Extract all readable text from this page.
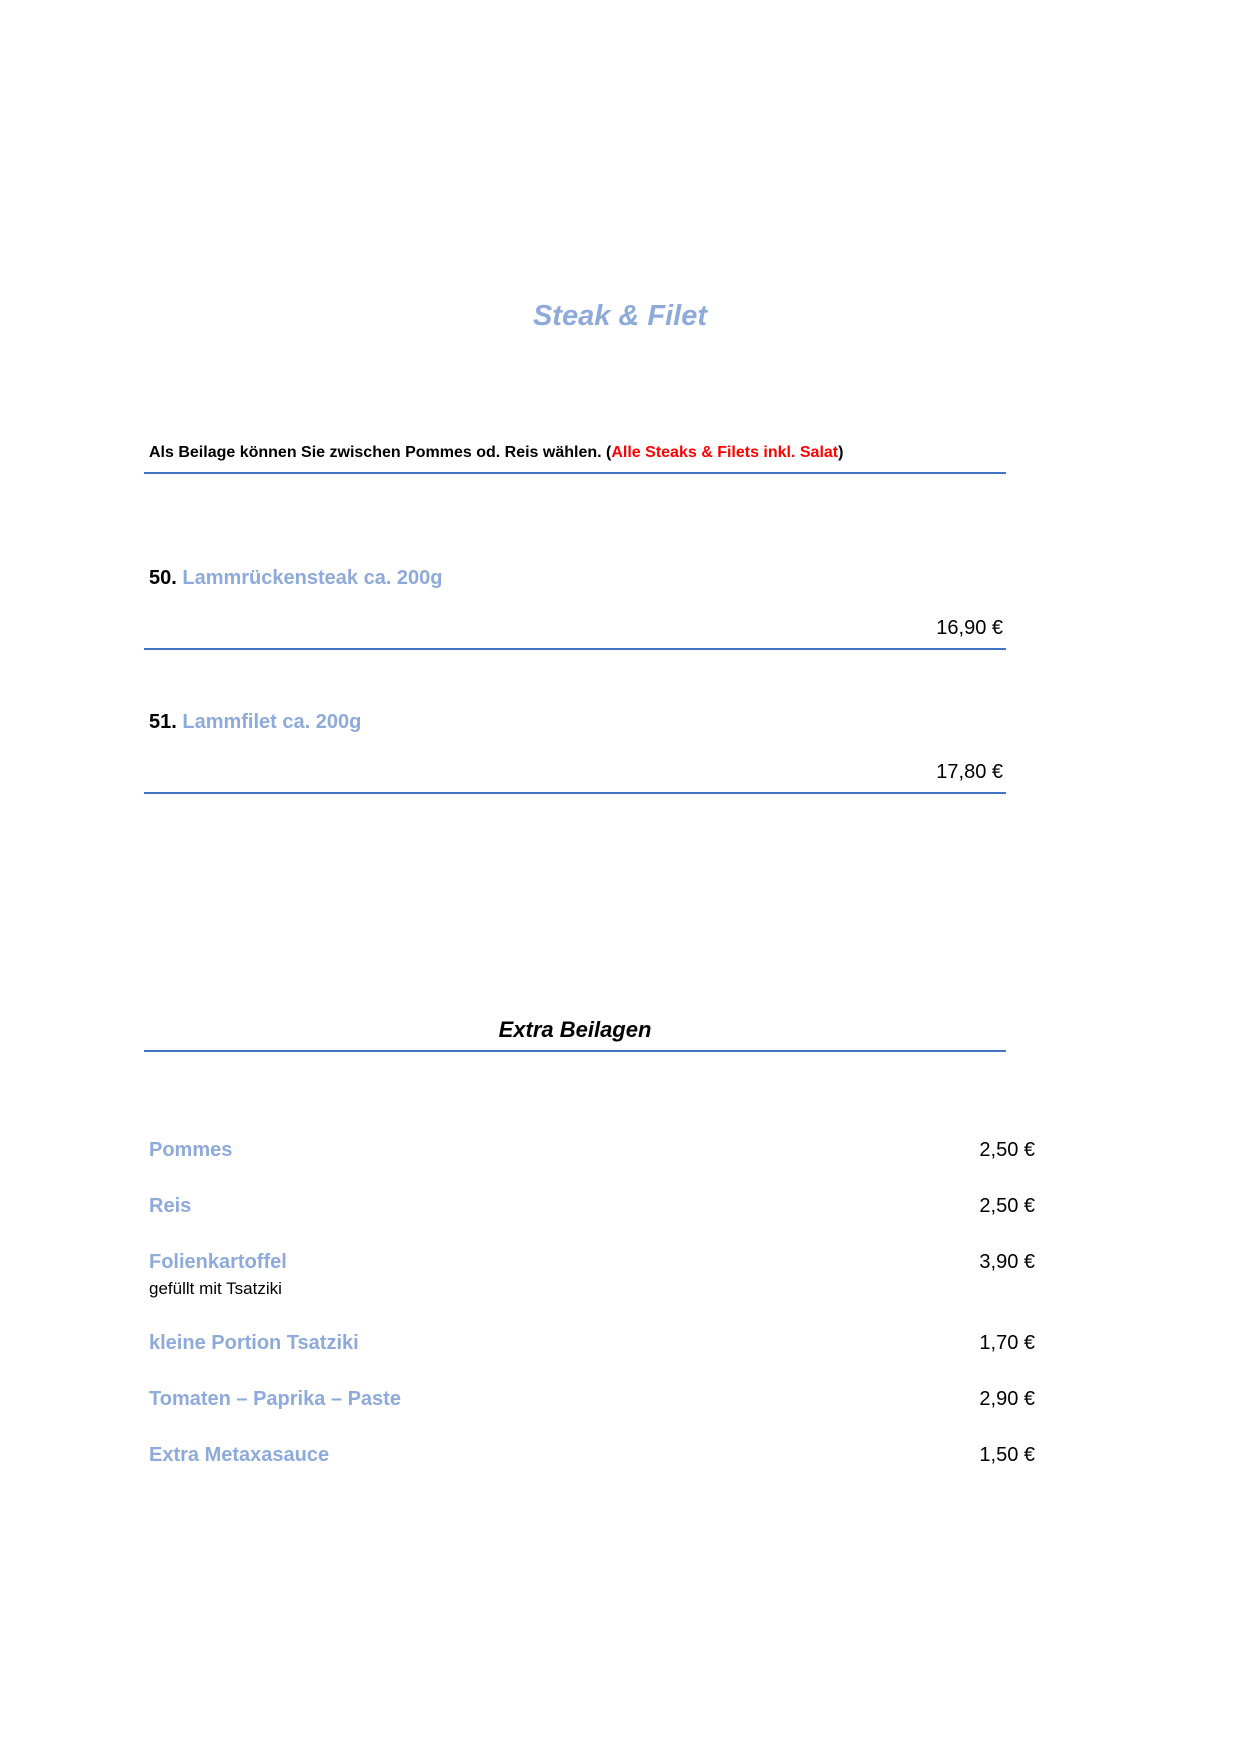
Steak & Filet
Als Beilage können Sie zwischen Pommes od. Reis wählen. (Alle Steaks & Filets inkl. Salat)
50. Lammrückensteak ca. 200g
16,90 €
51. Lammfilet ca. 200g
17,80 €
Extra Beilagen
Pommes	2,50 €
Reis	2,50 €
Folienkartoffel
gefüllt mit Tsatziki
3,90 €
kleine Portion Tsatziki	1,70 €
Tomaten – Paprika – Paste	2,90 €
Extra Metaxasauce	1,50 €
